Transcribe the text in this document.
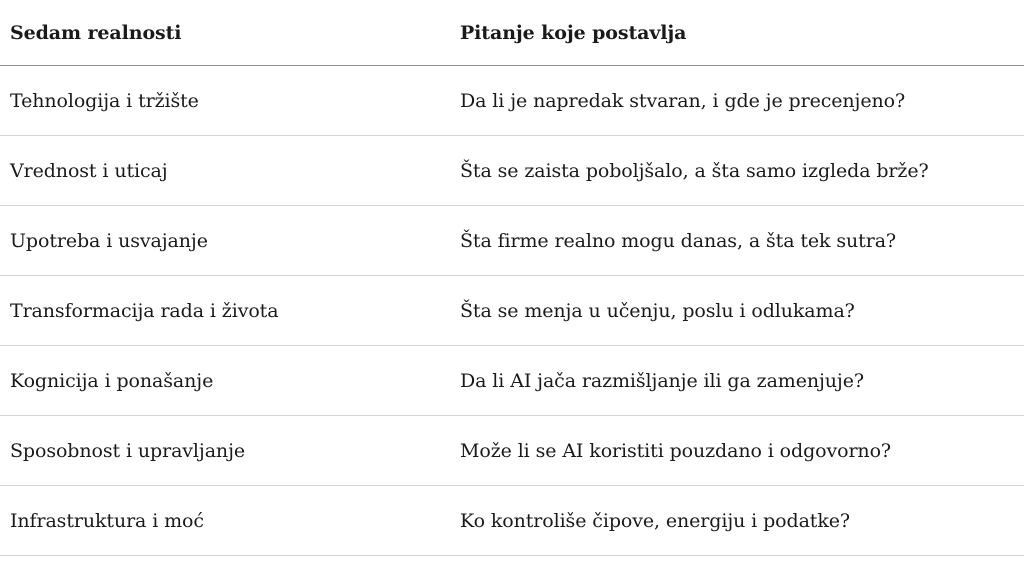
Sedam realnosti	Pitanje koje postavlja
Tehnologija i tržište	Da li je napredak stvaran, i gde je precenjeno?
Vrednost i uticaj	Šta se zaista poboljšalo, a šta samo izgleda brže?
Upotreba i usvajanje	Šta firme realno mogu danas, a šta tek sutra?
Transformacija rada i života	Šta se menja u učenju, poslu i odlukama?
Kognicija i ponašanje	Da li AI jača razmišljanje ili ga zamenjuje?
Sposobnost i upravljanje	Može li se AI koristiti pouzdano i odgovorno?
Infrastruktura i moć	Ko kontroliše čipove, energiju i podatke?
